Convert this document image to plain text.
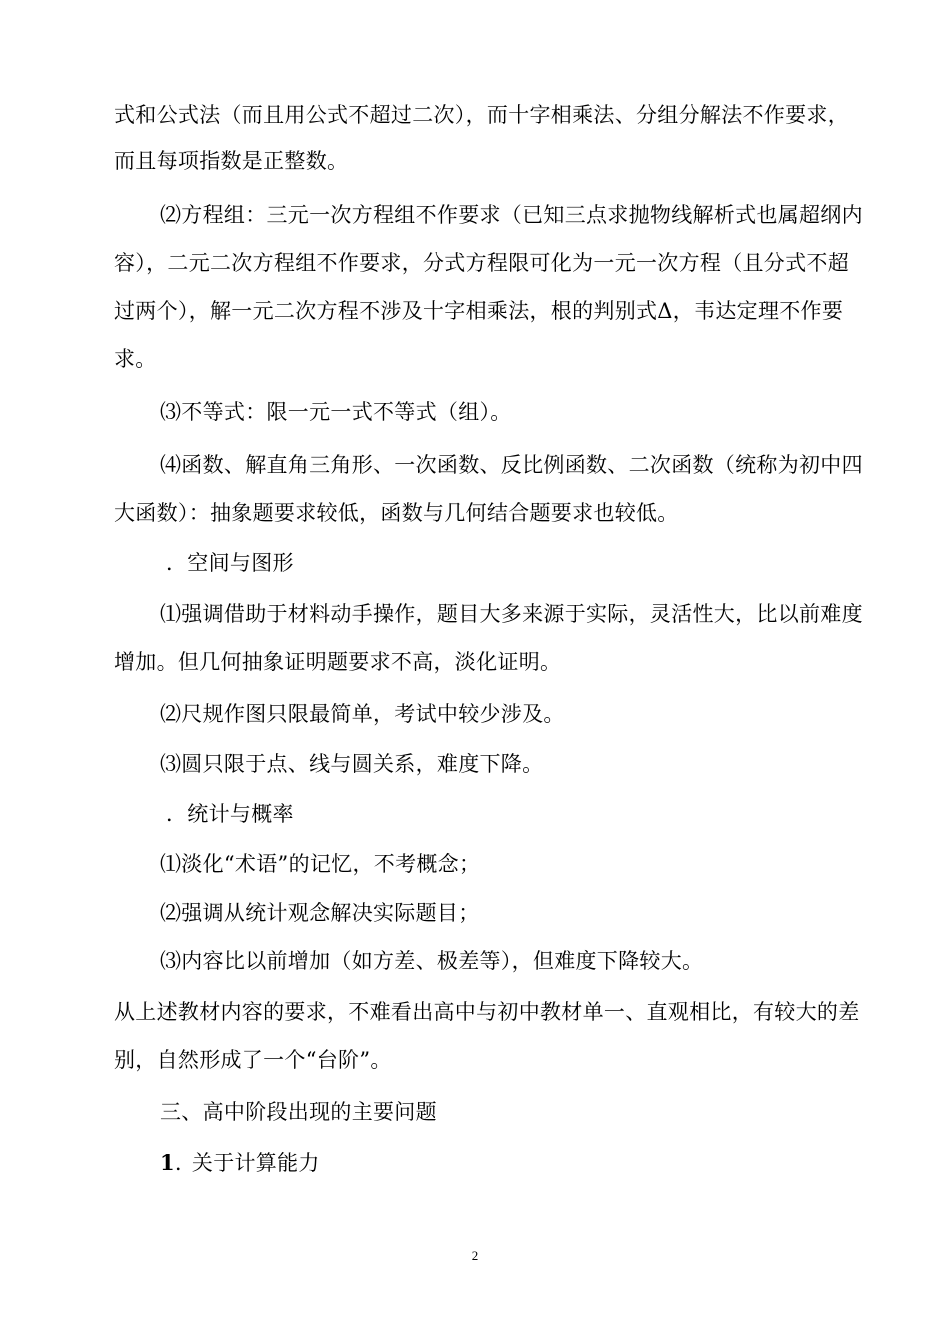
式和公式法（而且用公式不超过二次），而十字相乘法、分组分解法不作要求，
而且每项指数是正整数。
⑵方程组：三元一次方程组不作要求（已知三点求抛物线解析式也属超纲内
容），二元二次方程组不作要求，分式方程限可化为一元一次方程（且分式不超
过两个），解一元二次方程不涉及十字相乘法，根的判别式Δ，韦达定理不作要
求。
⑶不等式：限一元一式不等式（组）。
⑷函数、解直角三角形、一次函数、反比例函数、二次函数（统称为初中四
大函数）：抽象题要求较低，函数与几何结合题要求也较低。
．空间与图形
⑴强调借助于材料动手操作，题目大多来源于实际，灵活性大，比以前难度
增加。但几何抽象证明题要求不高，淡化证明。
⑵尺规作图只限最简单，考试中较少涉及。
⑶圆只限于点、线与圆关系，难度下降。
．统计与概率
⑴淡化“术语”的记忆，不考概念；
⑵强调从统计观念解决实际题目；
⑶内容比以前增加（如方差、极差等），但难度下降较大。
从上述教材内容的要求，不难看出高中与初中教材单一、直观相比，有较大的差
别，自然形成了一个“台阶”。
三、高中阶段出现的主要问题
1. 关于计算能力
2
